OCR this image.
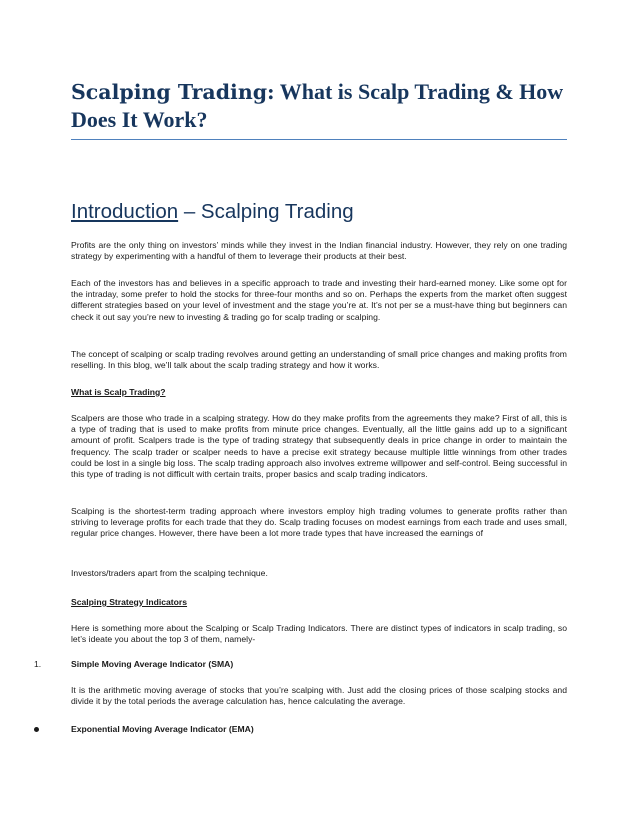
Scalping Trading: What is Scalp Trading & How Does It Work?
Introduction – Scalping Trading

Profits are the only thing on investors’ minds while they invest in the Indian financial industry. However, they rely on one trading strategy by experimenting with a handful of them to leverage their products at their best.

Each of the investors has and believes in a specific approach to trade and investing their hard-earned money. Like some opt for the intraday, some prefer to hold the stocks for three-four months and so on. Perhaps the experts from the market often suggest different strategies based on your level of investment and the stage you’re at. It’s not per se a must-have thing but beginners can check it out say you’re new to investing & trading go for scalp trading or scalping.

The concept of scalping or scalp trading revolves around getting an understanding of small price changes and making profits from reselling. In this blog, we’ll talk about the scalp trading strategy and how it works.

What is Scalp Trading?

Scalpers are those who trade in a scalping strategy. How do they make profits from the agreements they make? First of all, this is a type of trading that is used to make profits from minute price changes. Eventually, all the little gains add up to a significant amount of profit. Scalpers trade is the type of trading strategy that subsequently deals in price change in order to maintain the frequency. The scalp trader or scalper needs to have a precise exit strategy because multiple little winnings from other trades could be lost in a single big loss. The scalp trading approach also involves extreme willpower and self-control. Being successful in this type of trading is not difficult with certain traits, proper basics and scalp trading indicators.

Scalping is the shortest-term trading approach where investors employ high trading volumes to generate profits rather than striving to leverage profits for each trade that they do. Scalp trading focuses on modest earnings from each trade and uses small, regular price changes. However, there have been a lot more trade types that have increased the earnings of

Investors/traders apart from the scalping technique.

Scalping Strategy Indicators

Here is something more about the Scalping or Scalp Trading Indicators. There are distinct types of indicators in scalp trading, so let’s ideate you about the top 3 of them, namely-

1.	Simple Moving Average Indicator (SMA)

It is the arithmetic moving average of stocks that you’re scalping with. Just add the closing prices of those scalping stocks and divide it by the total periods the average calculation has, hence calculating the average.

Exponential Moving Average Indicator (EMA)
